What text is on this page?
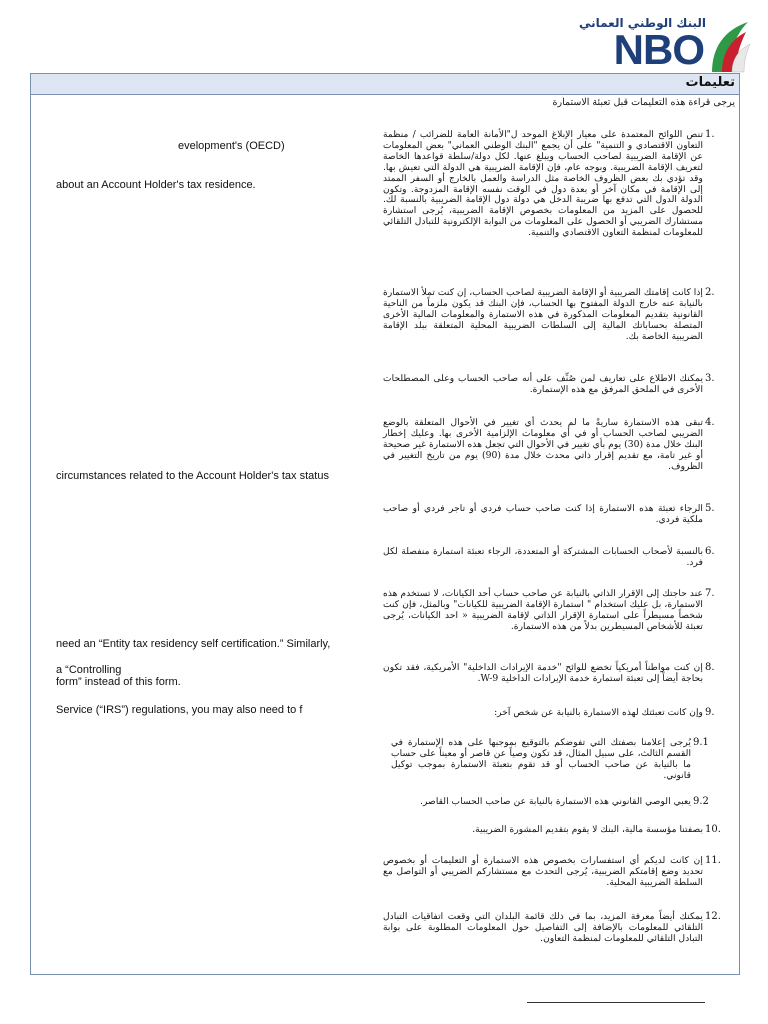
البنك الوطني العماني
NBO
تعليمات
يرجى قراءة هذه التعليمات قبل تعبئة الاستمارة
evelopment's (OECD)
about an Account Holder's tax residence.
circumstances related to the Account Holder's tax status
need an “Entity tax residency self certification.” Similarly,
a “Controlling
form” instead of this form.
Service (“IRS”) regulations, you may also need to f
1.
تنص اللوائح المعتمدة على معيار الإبلاغ الموحد ل"الأمانة العامة للضرائب / منظمة التعاون الاقتصادي و التنمية" على أن يجمع "البنك الوطني العماني" بعض المعلومات عن الإقامة الضريبية لصاحب الحساب ويبلغ عنها. لكل دولة/سلطة قواعدها الخاصة لتعريف الإقامة الضريبية. وبوجه عام، فإن الإقامة الضريبية هي الدولة التي تعيش بها. وقد تؤدي بك بعض الظروف الخاصة مثل الدراسة والعمل بالخارج أو السفر الممتد إلى الإقامة في مكان آخر أو بعدة دول في الوقت نفسه الإقامة المزدوجة. وتكون الدولة الدول التي تدفع بها ضريبة الدخل هي دولة دول الإقامة الضريبية بالنسبة لك. للحصول على المزيد من المعلومات بخصوص الإقامة الضريبية، يُرجى استشارة مستشارك الضريبي أو الحصول على المعلومات من البوابة الإلكترونية للتبادل التلقائي للمعلومات لمنظمة التعاون الاقتصادي والتنمية.
2.
إذا كانت إقامتك الضريبية أو الإقامة الضريبية لصاحب الحساب، إن كنت تملأ الاستمارة بالنيابة عنه خارج الدولة المفتوح بها الحساب، فإن البنك قد يكون ملزماً من الناحية القانونية بتقديم المعلومات المذكورة في هذه الاستمارة والمعلومات المالية الأخرى المتصلة بحساباتك المالية إلى السلطات الضريبية المحلية المتعلقة ببلد الإقامة الضريبية الخاصة بك.
3.
يمكنك الاطلاع على تعاريف لمن صُنِّف على أنه صاحب الحساب وعلى المصطلحات الأخرى في الملحق المرفق مع هذه الإستمارة.
4.
تبقى هذه الاستمارة ساريةً ما لم يحدث أي تغيير في الأحوال المتعلقة بالوضع الضريبي لصاحب الحساب أو في أي معلومات الإلزامية الأخرى بها. وعليك إخطار البنك خلال مدة (30) يوم بأي تغيير في الأحوال التي تجعل هذه الاستمارة غير صحيحة أو غير تامة، مع تقديم إقرار ذاتي محدث خلال مدة (90) يوم من تاريخ التغيير في الظروف.
5.
الرجاء تعبئة هذه الاستمارة إذا كنت صاحب حساب فردي أو تاجر فردي أو صاحب ملكية فردي.
6.
بالنسبة لأصحاب الحسابات المشتركة أو المتعددة، الرجاء تعبئة استمارة منفصلة لكل فرد.
7.
عند حاجتك إلى الإقرار الذاتي بالنيابة عن صاحب حساب أحد الكيانات، لا تستخدم هذه الاستمارة، بل عليك استخدام " استمارة الإقامة الضريبية للكيانات" وبالمثل، فإن كنت شخصاً مسيطراً على استمارة الإقرار الذاتي لإقامة الضريبية « احد الكيانات، يُرجى تعبئة للأشخاص المسيطرين بدلاً من هذه الاستمارة.
8.
إن كنت مواطناً أمريكياً تخضع للوائح "خدمة الإيرادات الداخلية" الأمريكية، فقد تكون بحاجة أيضاً إلى تعبئة استمارة خدمة الإيرادات الداخلية W-9.
9.
وإن كانت تعبئتك لهذه الاستمارة بالنيابة عن شخص آخر:
9.1
يُرجى إعلامنا بصفتك التي تفوضكم بالتوقيع بموجبها على هذه الإستمارة في القسم الثالث، على سبيل المثال، قد تكون وصياً عن قاصر أو معيناً على حساب ما بالنيابة عن صاحب الحساب أو قد تقوم بتعبئة الاستمارة بموجب توكيل قانوني.
9.2
يعبي الوصي القانوني هذه الاستمارة بالنيابة عن صاحب الحساب القاصر.
10.
بصفتنا مؤسسة مالية، البنك لا يقوم بتقديم المشورة الضريبية.
11.
إن كانت لديكم أي استفسارات بخصوص هذه الاستمارة أو التعليمات أو بخصوص تحديد وضع إقامتكم الضريبية، يُرجى التحدث مع مستشاركم الضريبي أو التواصل مع السلطة الضريبية المحلية.
12.
يمكنك أيضاً معرفة المزيد، بما في ذلك قائمة البلدان التي وقعت اتفاقيات التبادل التلقائي للمعلومات بالإضافة إلى التفاصيل حول المعلومات المطلوبة على بوابة التبادل التلقائي للمعلومات لمنظمة التعاون.
